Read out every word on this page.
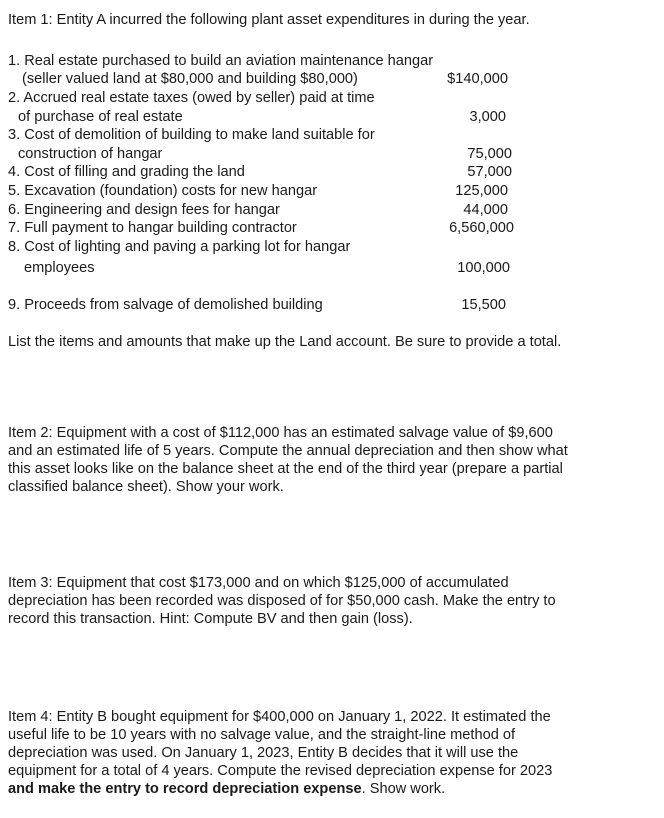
Item 1: Entity A incurred the following plant asset expenditures in during the year.
1. Real estate purchased to build an aviation maintenance hangar
(seller valued land at $80,000 and building $80,000)	$140,000
2. Accrued real estate taxes (owed by seller) paid at time
of purchase of real estate	3,000
3. Cost of demolition of building to make land suitable for
construction of hangar	75,000
4. Cost of filling and grading the land	57,000
5. Excavation (foundation) costs for new hangar	125,000
6. Engineering and design fees for hangar	44,000
7. Full payment to hangar building contractor	6,560,000
8. Cost of lighting and paving a parking lot for hangar
employees	100,000
9. Proceeds from salvage of demolished building	15,500
List the items and amounts that make up the Land account. Be sure to provide a total.
Item 2: Equipment with a cost of $112,000 has an estimated salvage value of $9,600
and an estimated life of 5 years. Compute the annual depreciation and then show what
this asset looks like on the balance sheet at the end of the third year (prepare a partial
classified balance sheet). Show your work.
Item 3: Equipment that cost $173,000 and on which $125,000 of accumulated
depreciation has been recorded was disposed of for $50,000 cash. Make the entry to
record this transaction. Hint: Compute BV and then gain (loss).
Item 4: Entity B bought equipment for $400,000 on January 1, 2022. It estimated the
useful life to be 10 years with no salvage value, and the straight-line method of
depreciation was used. On January 1, 2023, Entity B decides that it will use the
equipment for a total of 4 years. Compute the revised depreciation expense for 2023
and make the entry to record depreciation expense. Show work.
